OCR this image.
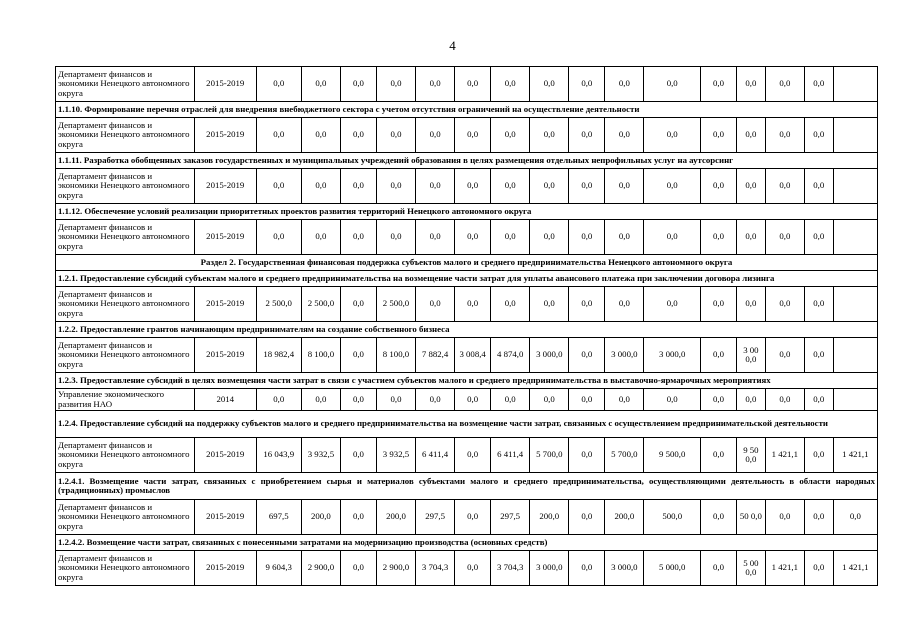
4
Департамент финансов и экономики Ненецкого автономного округа	2015-2019	0,0	0,0	0,0	0,0	0,0	0,0	0,0	0,0	0,0	0,0	0,0	0,0	0,0	0,0	0,0	
1.1.10. Формирование перечня отраслей для внедрения внебюджетного сектора с учетом отсутствия ограничений на осуществление деятельности																	
Департамент финансов и экономики Ненецкого автономного округа	2015-2019	0,0	0,0	0,0	0,0	0,0	0,0	0,0	0,0	0,0	0,0	0,0	0,0	0,0	0,0	0,0	
1.1.11. Разработка обобщенных заказов государственных и муниципальных учреждений образования в целях размещения отдельных непрофильных услуг на аутсорсинг																	
Департамент финансов и экономики Ненецкого автономного округа	2015-2019	0,0	0,0	0,0	0,0	0,0	0,0	0,0	0,0	0,0	0,0	0,0	0,0	0,0	0,0	0,0	
1.1.12. Обеспечение условий реализации приоритетных проектов развития территорий Ненецкого автономного округа																	
Департамент финансов и экономики Ненецкого автономного округа	2015-2019	0,0	0,0	0,0	0,0	0,0	0,0	0,0	0,0	0,0	0,0	0,0	0,0	0,0	0,0	0,0	
Раздел 2. Государственная финансовая поддержка субъектов малого и среднего предпринимательства Ненецкого автономного округа																	
1.2.1. Предоставление субсидий субъектам малого и среднего предпринимательства на возмещение части затрат для уплаты авансового платежа при заключении договора лизинга																	
Департамент финансов и экономики Ненецкого автономного округа	2015-2019	2 500,0	2 500,0	0,0	2 500,0	0,0	0,0	0,0	0,0	0,0	0,0	0,0	0,0	0,0	0,0	0,0	
1.2.2. Предоставление грантов начинающим предпринимателям на создание собственного бизнеса																	
Департамент финансов и экономики Ненецкого автономного округа	2015-2019	18 982,4	8 100,0	0,0	8 100,0	7 882,4	3 008,4	4 874,0	3 000,0	0,0	3 000,0	3 000,0	0,0	3 00 0,0	0,0	0,0	
1.2.3. Предоставление субсидий в целях возмещения части затрат в связи с участием субъектов малого и среднего предпринимательства в выставочно-ярмарочных мероприятиях																	
Управление экономического развития НАО	2014	0,0	0,0	0,0	0,0	0,0	0,0	0,0	0,0	0,0	0,0	0,0	0,0	0,0	0,0	0,0	
1.2.4. Предоставление субсидий на поддержку субъектов малого и среднего предпринимательства на возмещение части затрат, связанных с осуществлением предпринимательской деятельности																	
Департамент финансов и экономики Ненецкого автономного округа	2015-2019	16 043,9	3 932,5	0,0	3 932,5	6 411,4	0,0	6 411,4	5 700,0	0,0	5 700,0	9 500,0	0,0	9 50 0,0	1 421,1	0,0	1 421,1
1.2.4.1. Возмещение части затрат, связанных с приобретением сырья и материалов субъектами малого и среднего предпринимательства, осуществляющими деятельность в области народных (традиционных) промыслов																	
Департамент финансов и экономики Ненецкого автономного округа	2015-2019	697,5	200,0	0,0	200,0	297,5	0,0	297,5	200,0	0,0	200,0	500,0	0,0	50 0,0	0,0	0,0	0,0
1.2.4.2. Возмещение части затрат, связанных с понесенными затратами на модернизацию производства (основных средств)																	
Департамент финансов и экономики Ненецкого автономного округа	2015-2019	9 604,3	2 900,0	0,0	2 900,0	3 704,3	0,0	3 704,3	3 000,0	0,0	3 000,0	5 000,0	0,0	5 00 0,0	1 421,1	0,0	1 421,1
